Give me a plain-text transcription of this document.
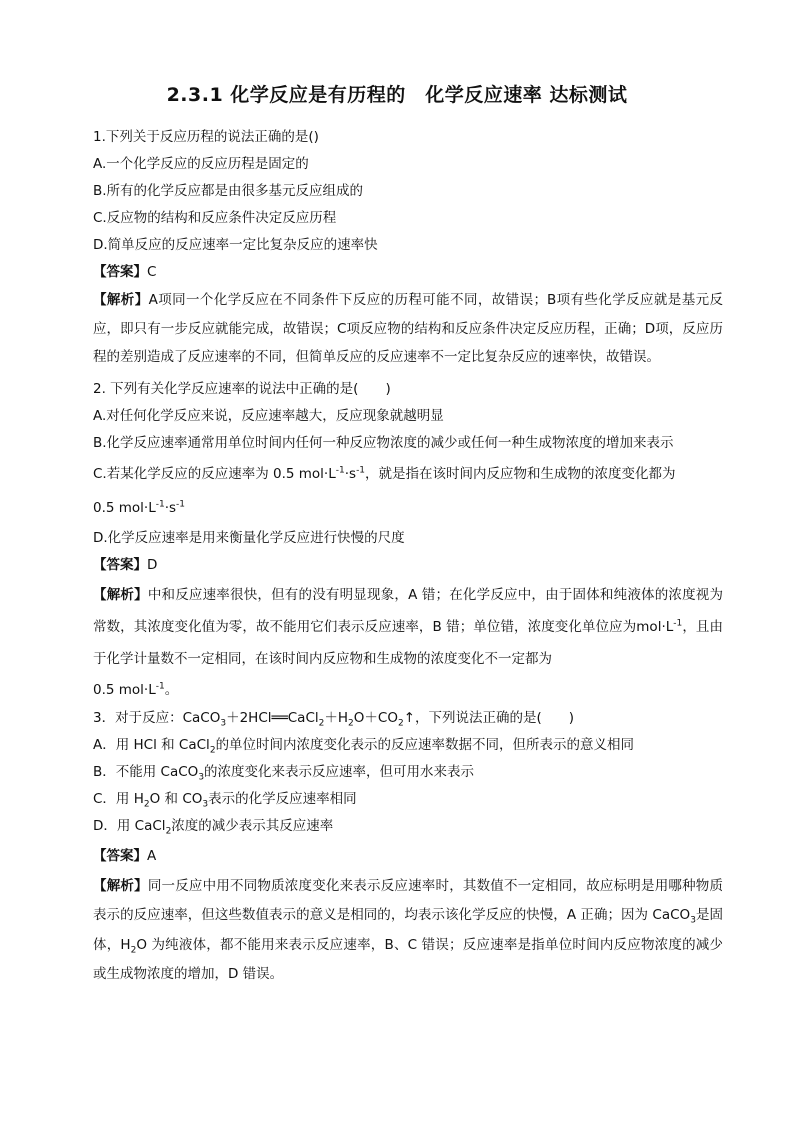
2.3.1 化学反应是有历程的　化学反应速率 达标测试
1.下列关于反应历程的说法正确的是()
A.一个化学反应的反应历程是固定的
B.所有的化学反应都是由很多基元反应组成的
C.反应物的结构和反应条件决定反应历程
D.简单反应的反应速率一定比复杂反应的速率快
【答案】C
【解析】A项同一个化学反应在不同条件下反应的历程可能不同，故错误；B项有些化学反应就是基元反应，即只有一步反应就能完成，故错误；C项反应物的结构和反应条件决定反应历程，正确；D项，反应历程的差别造成了反应速率的不同，但简单反应的反应速率不一定比复杂反应的速率快，故错误。
2. 下列有关化学反应速率的说法中正确的是(　　)
A.对任何化学反应来说，反应速率越大，反应现象就越明显
B.化学反应速率通常用单位时间内任何一种反应物浓度的减少或任何一种生成物浓度的增加来表示
C.若某化学反应的反应速率为 0.5 $mol\cdot L^{-1}\cdot s^{-1}$，就是指在该时间内反应物和生成物的浓度变化都为
0.5 $mol\cdot L^{-1}\cdot s^{-1}$
D.化学反应速率是用来衡量化学反应进行快慢的尺度
【答案】D
【解析】中和反应速率很快，但有的没有明显现象，A 错；在化学反应中，由于固体和纯液体的浓度视为常数，其浓度变化值为零，故不能用它们表示反应速率，B 错；单位错，浓度变化单位应为$mol\cdot L^{-1}$，且由于化学计量数不一定相同，在该时间内反应物和生成物的浓度变化不一定都为
0.5 $mol\cdot L^{-1}$。
3．对于反应：$CaCO_3+2HCl══CaCl_2+H_2O+CO_2↑$，下列说法正确的是(　　)
A．用 HCl 和 CaCl$_2$的单位时间内浓度变化表示的反应速率数据不同，但所表示的意义相同
B．不能用 CaCO$_3$的浓度变化来表示反应速率，但可用水来表示
C．用 $H_2O$ 和 $CO_3$表示的化学反应速率相同
D．用 CaCl$_2$浓度的减少表示其反应速率
【答案】A
【解析】同一反应中用不同物质浓度变化来表示反应速率时，其数值不一定相同，故应标明是用哪种物质表示的反应速率，但这些数值表示的意义是相同的，均表示该化学反应的快慢，A 正确；因为 CaCO$_3$是固体，$H_2O$ 为纯液体，都不能用来表示反应速率，B、C 错误；反应速率是指单位时间内反应物浓度的减少或生成物浓度的增加，D 错误。
